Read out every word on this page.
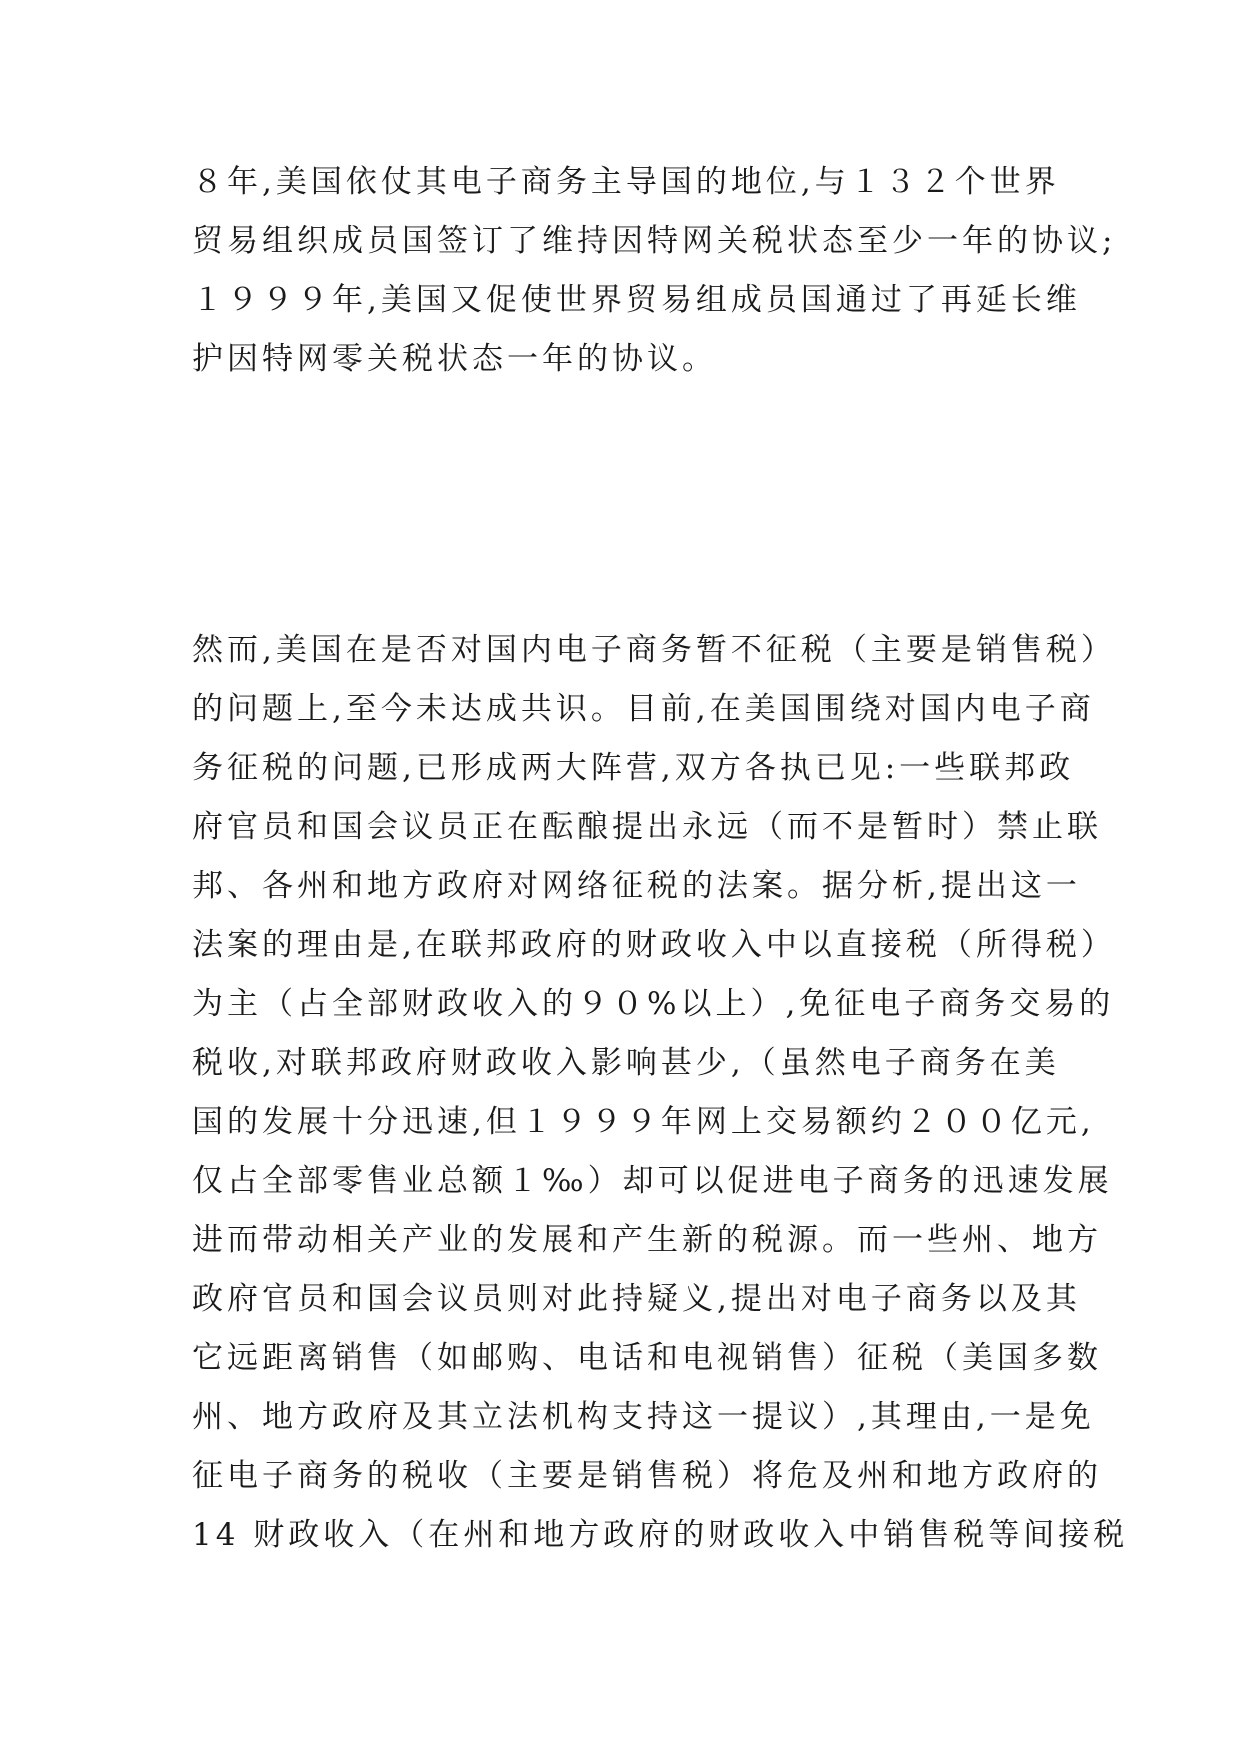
８年,美国依仗其电子商务主导国的地位,与１３２个世界
贸易组织成员国签订了维持因特网关税状态至少一年的协议;
１９９９年,美国又促使世界贸易组成员国通过了再延长维
护因特网零关税状态一年的协议。
然而,美国在是否对国内电子商务暂不征税（主要是销售税）
的问题上,至今未达成共识。目前,在美国围绕对国内电子商
务征税的问题,已形成两大阵营,双方各执已见:一些联邦政
府官员和国会议员正在酝酿提出永远（而不是暂时）禁止联
邦、各州和地方政府对网络征税的法案。据分析,提出这一
法案的理由是,在联邦政府的财政收入中以直接税（所得税）
为主（占全部财政收入的９０%以上）,免征电子商务交易的
税收,对联邦政府财政收入影响甚少,（虽然电子商务在美
国的发展十分迅速,但１９９９年网上交易额约２００亿元,
仅占全部零售业总额１‰）却可以促进电子商务的迅速发展
进而带动相关产业的发展和产生新的税源。而一些州、地方
政府官员和国会议员则对此持疑义,提出对电子商务以及其
它远距离销售（如邮购、电话和电视销售）征税（美国多数
州、地方政府及其立法机构支持这一提议）,其理由,一是免
征电子商务的税收（主要是销售税）将危及州和地方政府的
14 财政收入（在州和地方政府的财政收入中销售税等间接税
